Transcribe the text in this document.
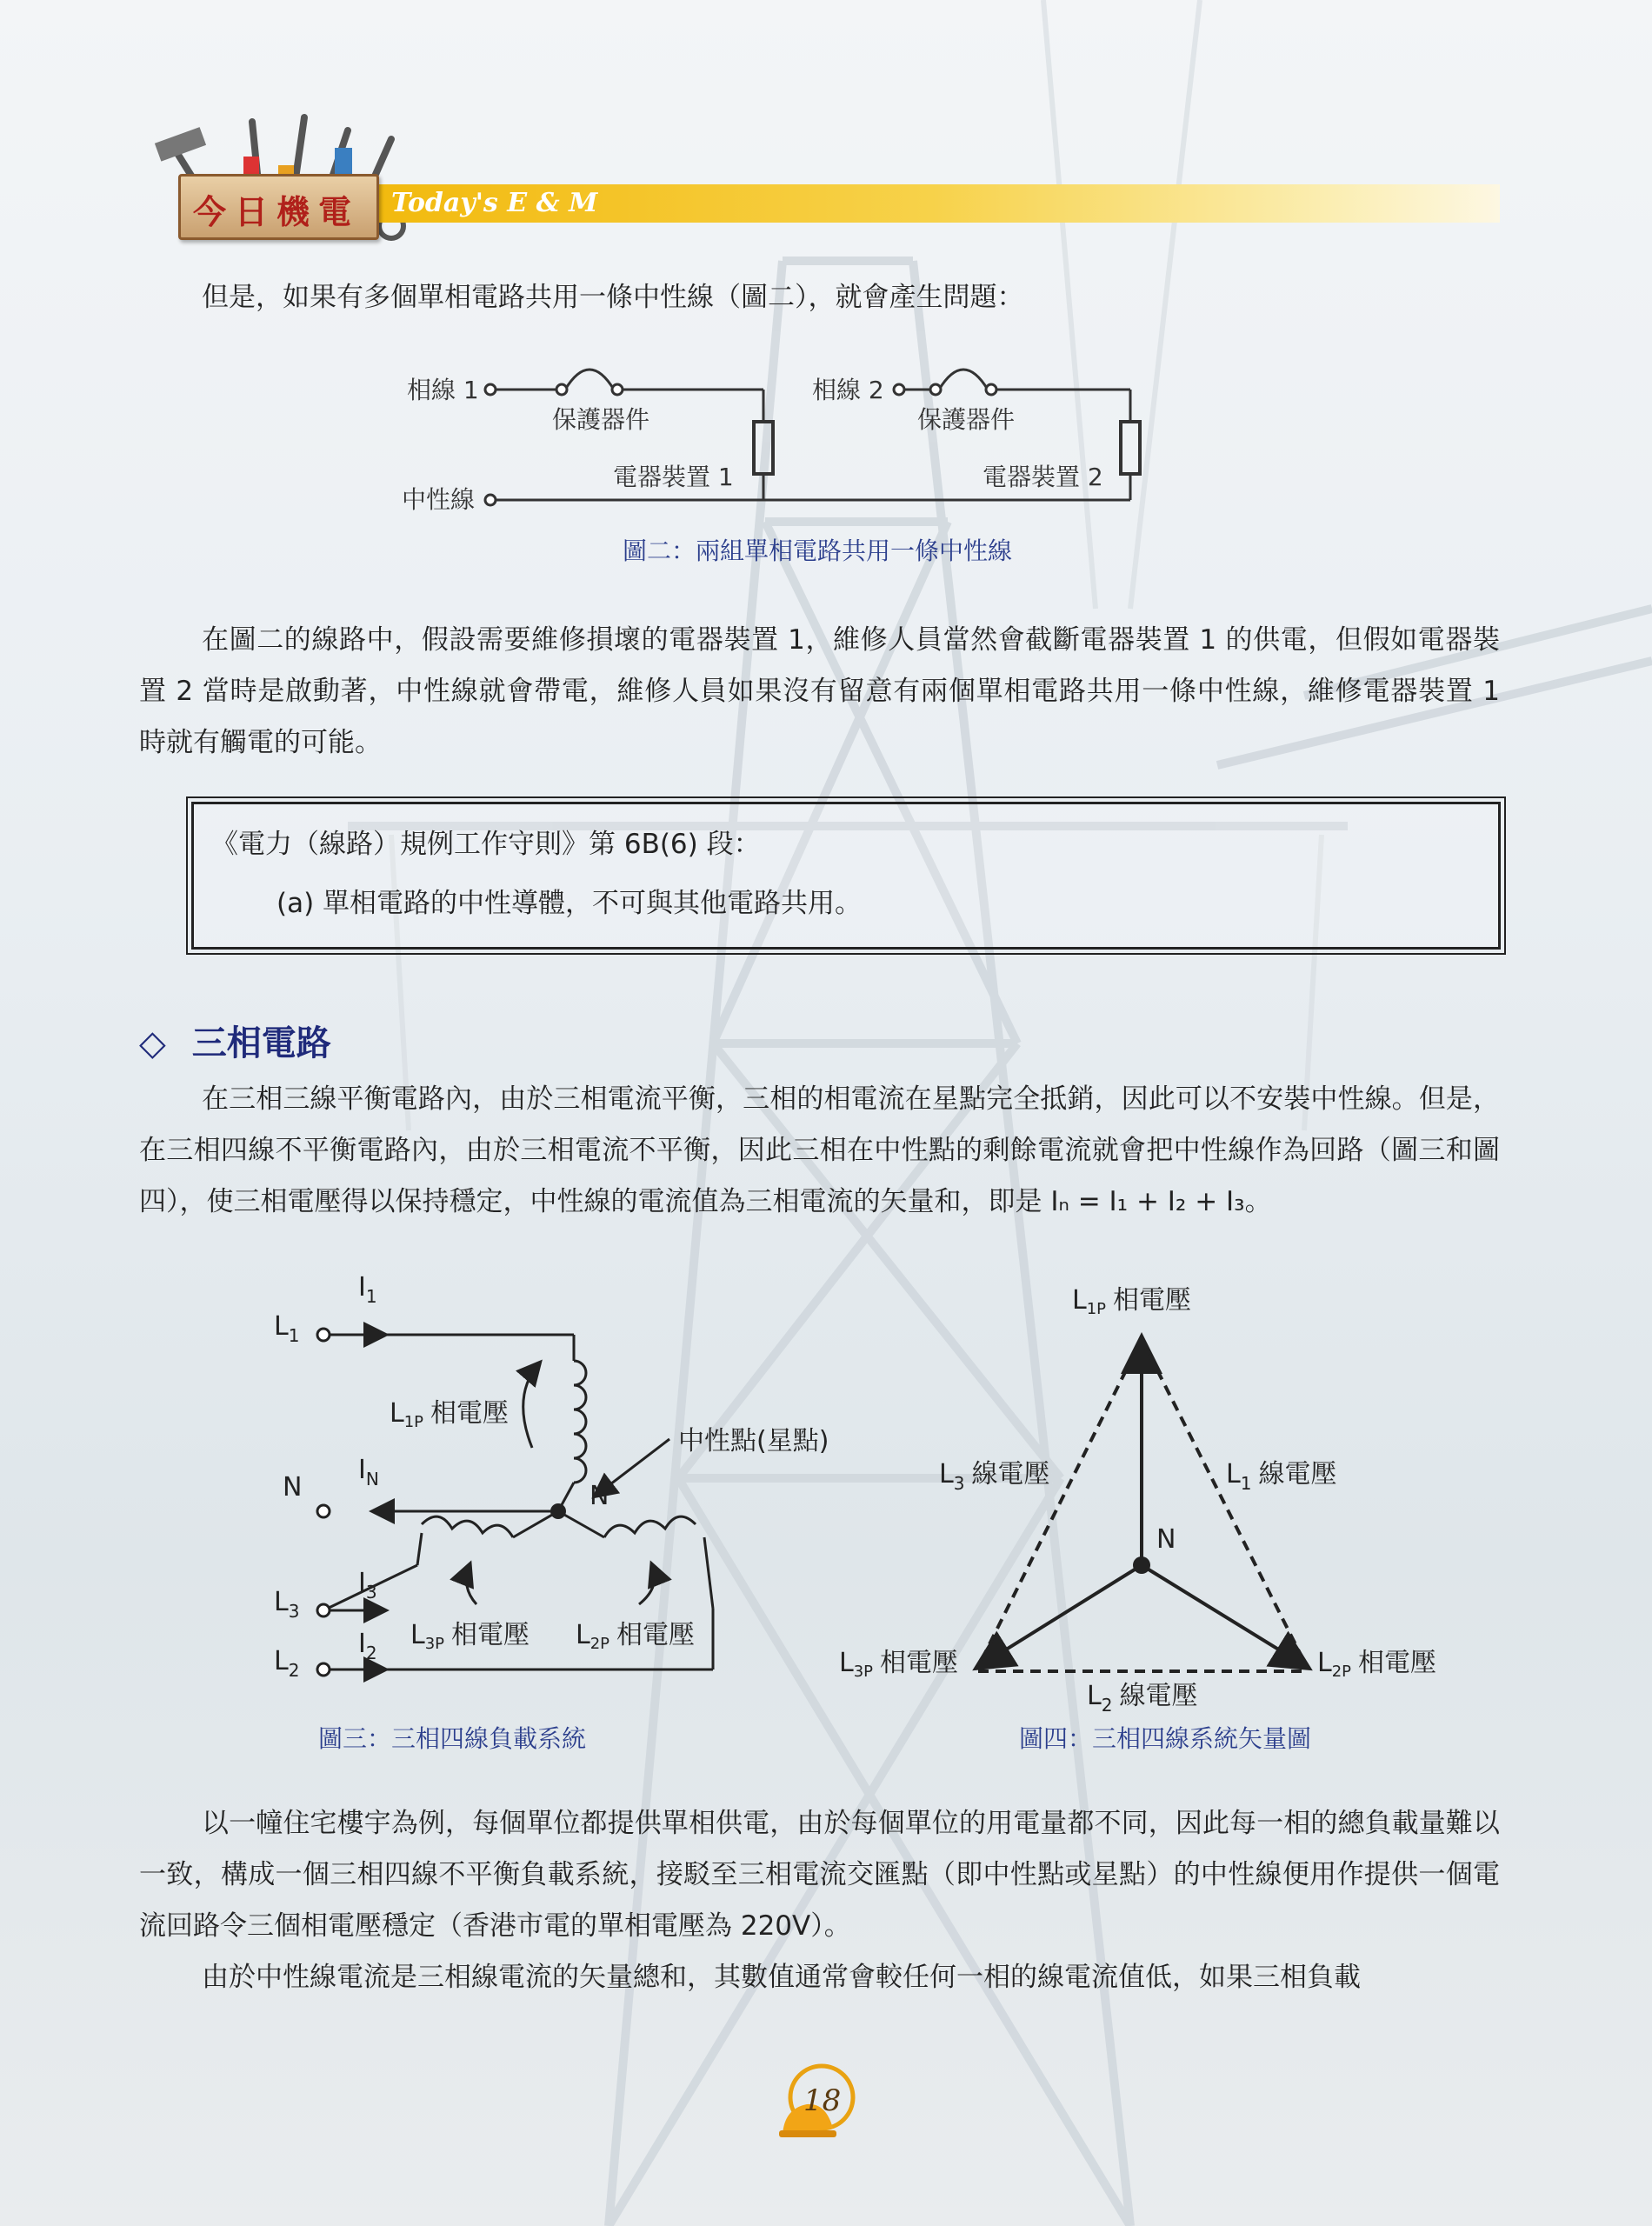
Today's E & M
今日機電
但是，如果有多個單相電路共用一條中性線（圖二），就會產生問題：
相線 1	相線 2
保護器件	保護器件
電器裝置 1	電器裝置 2
中性線
圖二：兩組單相電路共用一條中性線
在圖二的線路中，假設需要維修損壞的電器裝置 1，維修人員當然會截斷電器裝置 1 的供電，但假如電器裝置 2 當時是啟動著，中性線就會帶電，維修人員如果沒有留意有兩個單相電路共用一條中性線，維修電器裝置 1 時就有觸電的可能。
《電力（線路）規例工作守則》第 6B(6) 段：
(a) 單相電路的中性導體，不可與其他電路共用。
◇ 三相電路
在三相三線平衡電路內，由於三相電流平衡，三相的相電流在星點完全抵銷，因此可以不安裝中性線。但是，在三相四線不平衡電路內，由於三相電流不平衡，因此三相在中性點的剩餘電流就會把中性線作為回路（圖三和圖四），使三相電壓得以保持穩定，中性線的電流值為三相電流的矢量和，即是 Iₙ = I₁ + I₂ + I₃。
$L_1$
$I_1$
N
$I_N$
$L_3$
$I_3$
$L_2$
$I_2$
$L_{1P}$ 相電壓
$L_{3P}$ 相電壓 $L_{2P}$ 相電壓
中性點(星點)
N
圖三：三相四線負載系統
$L_{1P}$ 相電壓
$L_3$ 線電壓	$L_1$ 線電壓
N
$L_{3P}$ 相電壓	$L_{2P}$ 相電壓
$L_2$ 線電壓
圖四：三相四線系統矢量圖
以一幢住宅樓宇為例，每個單位都提供單相供電，由於每個單位的用電量都不同，因此每一相的總負載量難以一致，構成一個三相四線不平衡負載系統，接駁至三相電流交匯點（即中性點或星點）的中性線便用作提供一個電流回路令三個相電壓穩定（香港市電的單相電壓為 220V）。
由於中性線電流是三相線電流的矢量總和，其數值通常會較任何一相的線電流值低，如果三相負載
18
